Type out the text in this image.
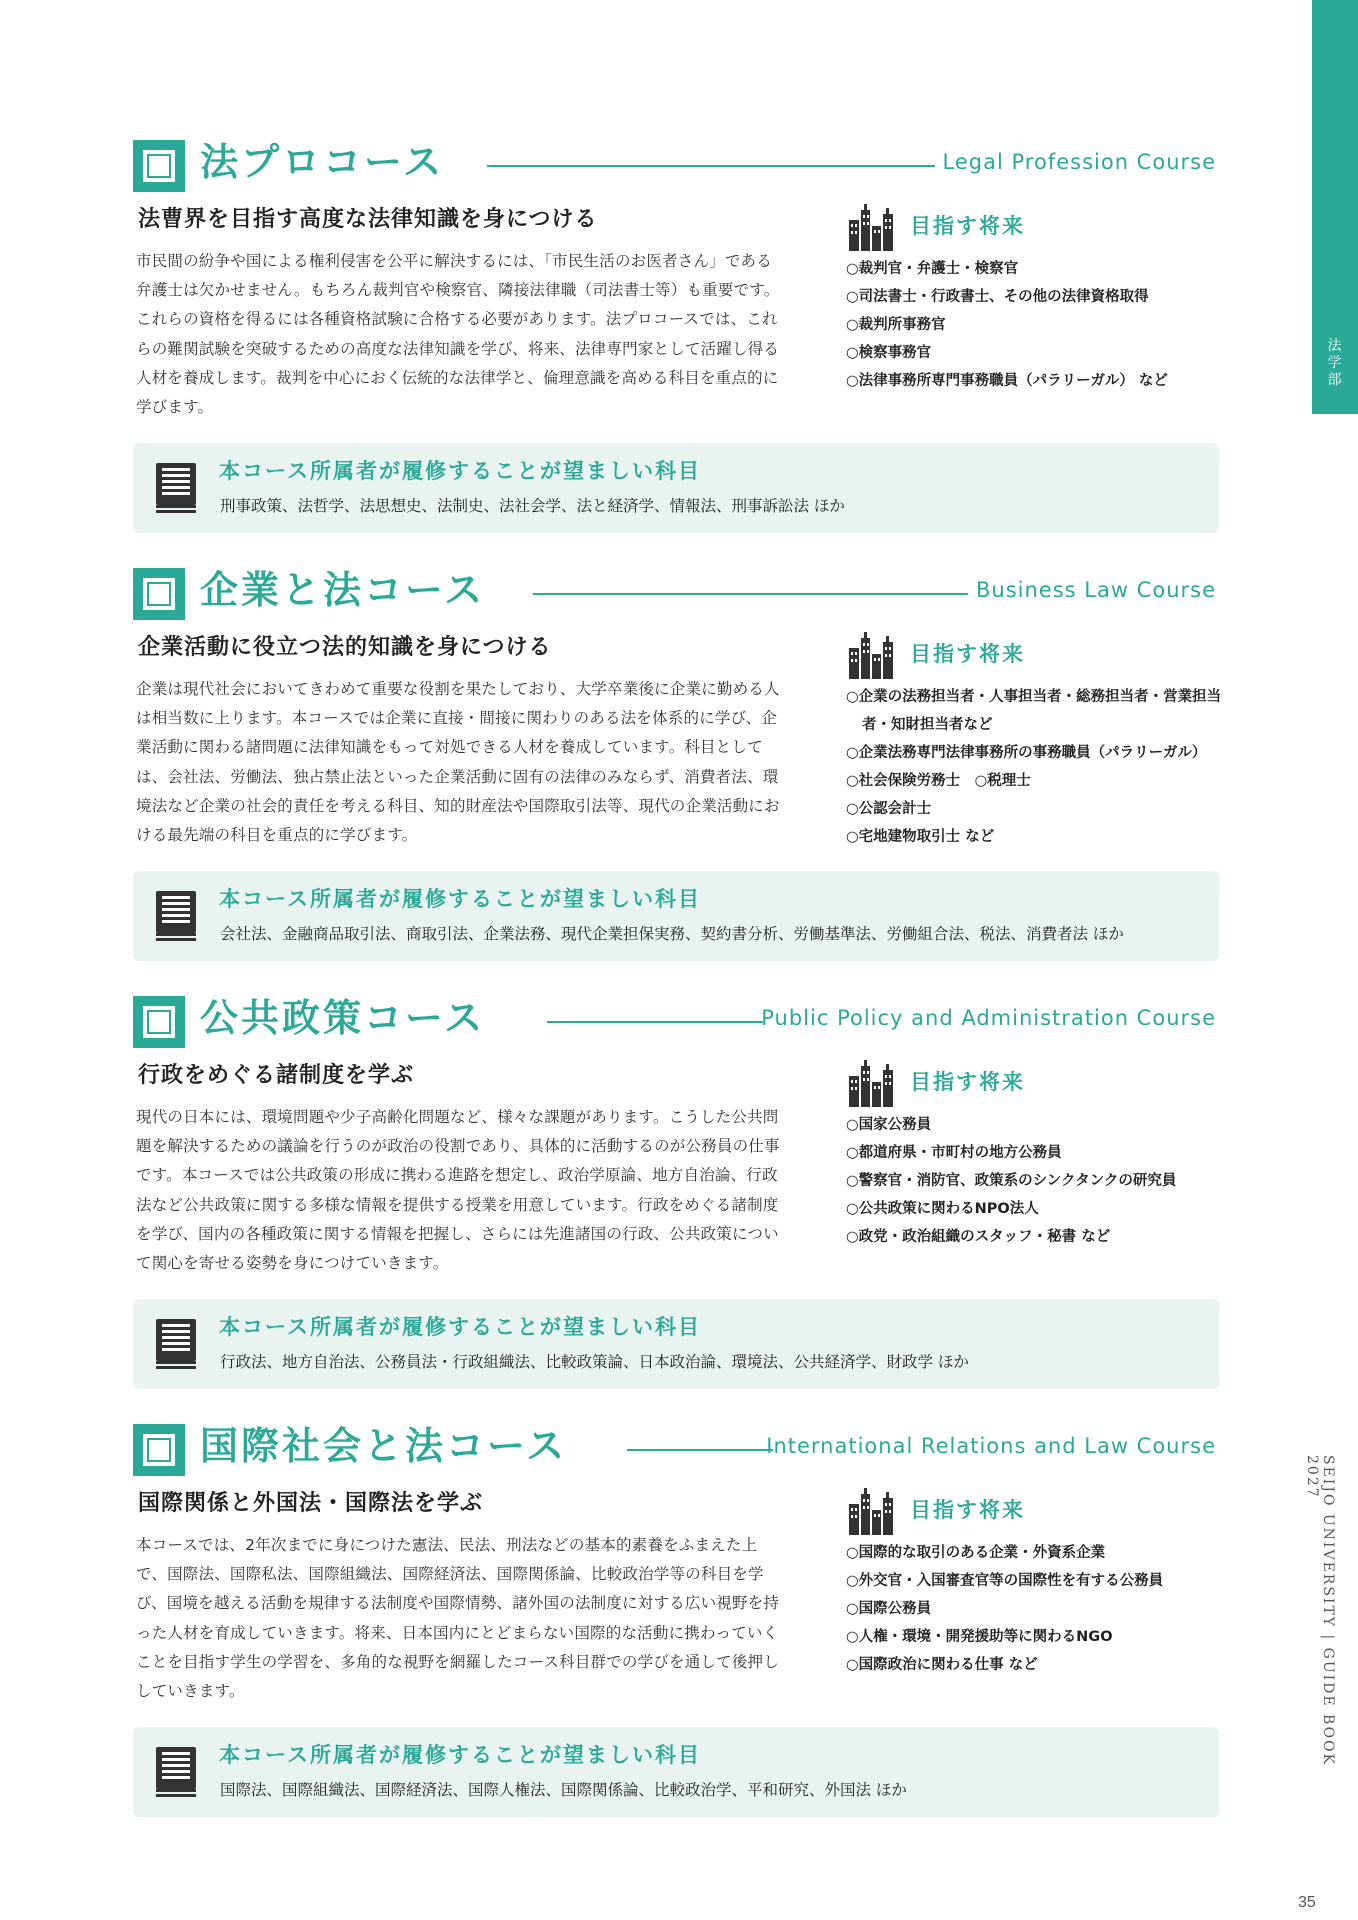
法
学
部
法プロコース	Legal Profession Course
法曹界を目指す高度な法律知識を身につける

市民間の紛争や国による権利侵害を公平に解決するには、「市民生活のお医者さん」である弁護士は欠かせません。もちろん裁判官や検察官、隣接法律職（司法書士等）も重要です。これらの資格を得るには各種資格試験に合格する必要があります。法プロコースでは、これらの難関試験を突破するための高度な法律知識を学び、将来、法律専門家として活躍し得る人材を養成します。裁判を中心におく伝統的な法律学と、倫理意識を高める科目を重点的に学びます。

目指す将来
○裁判官・弁護士・検察官
○司法書士・行政書士、その他の法律資格取得
○裁判所事務官
○検察事務官
○法律事務所専門事務職員（パラリーガル） など
本コース所属者が履修することが望ましい科目
刑事政策、法哲学、法思想史、法制史、法社会学、法と経済学、情報法、刑事訴訟法 ほか
企業と法コース	Business Law Course
企業活動に役立つ法的知識を身につける

企業は現代社会においてきわめて重要な役割を果たしており、大学卒業後に企業に勤める人は相当数に上ります。本コースでは企業に直接・間接に関わりのある法を体系的に学び、企業活動に関わる諸問題に法律知識をもって対処できる人材を養成しています。科目としては、会社法、労働法、独占禁止法といった企業活動に固有の法律のみならず、消費者法、環境法など企業の社会的責任を考える科目、知的財産法や国際取引法等、現代の企業活動における最先端の科目を重点的に学びます。

目指す将来
○企業の法務担当者・人事担当者・総務担当者・営業担当者・知財担当者など
○企業法務専門法律事務所の事務職員（パラリーガル）
○社会保険労務士　○税理士
○公認会計士
○宅地建物取引士 など
本コース所属者が履修することが望ましい科目
会社法、金融商品取引法、商取引法、企業法務、現代企業担保実務、契約書分析、労働基準法、労働組合法、税法、消費者法 ほか
公共政策コース	Public Policy and Administration Course
行政をめぐる諸制度を学ぶ

現代の日本には、環境問題や少子高齢化問題など、様々な課題があります。こうした公共問題を解決するための議論を行うのが政治の役割であり、具体的に活動するのが公務員の仕事です。本コースでは公共政策の形成に携わる進路を想定し、政治学原論、地方自治論、行政法など公共政策に関する多様な情報を提供する授業を用意しています。行政をめぐる諸制度を学び、国内の各種政策に関する情報を把握し、さらには先進諸国の行政、公共政策について関心を寄せる姿勢を身につけていきます。

目指す将来
○国家公務員
○都道府県・市町村の地方公務員
○警察官・消防官、政策系のシンクタンクの研究員
○公共政策に関わるNPO法人
○政党・政治組織のスタッフ・秘書 など
本コース所属者が履修することが望ましい科目
行政法、地方自治法、公務員法・行政組織法、比較政策論、日本政治論、環境法、公共経済学、財政学 ほか
国際社会と法コース	International Relations and Law Course
国際関係と外国法・国際法を学ぶ

本コースでは、2年次までに身につけた憲法、民法、刑法などの基本的素養をふまえた上で、国際法、国際私法、国際組織法、国際経済法、国際関係論、比較政治学等の科目を学び、国境を越える活動を規律する法制度や国際情勢、諸外国の法制度に対する広い視野を持った人材を育成していきます。将来、日本国内にとどまらない国際的な活動に携わっていくことを目指す学生の学習を、多角的な視野を網羅したコース科目群での学びを通して後押ししていきます。

目指す将来
○国際的な取引のある企業・外資系企業
○外交官・入国審査官等の国際性を有する公務員
○国際公務員
○人権・環境・開発援助等に関わるNGO
○国際政治に関わる仕事 など
本コース所属者が履修することが望ましい科目
国際法、国際組織法、国際経済法、国際人権法、国際関係論、比較政治学、平和研究、外国法 ほか
SEIJO UNIVERSITY | GUIDE BOOK 2027
35
